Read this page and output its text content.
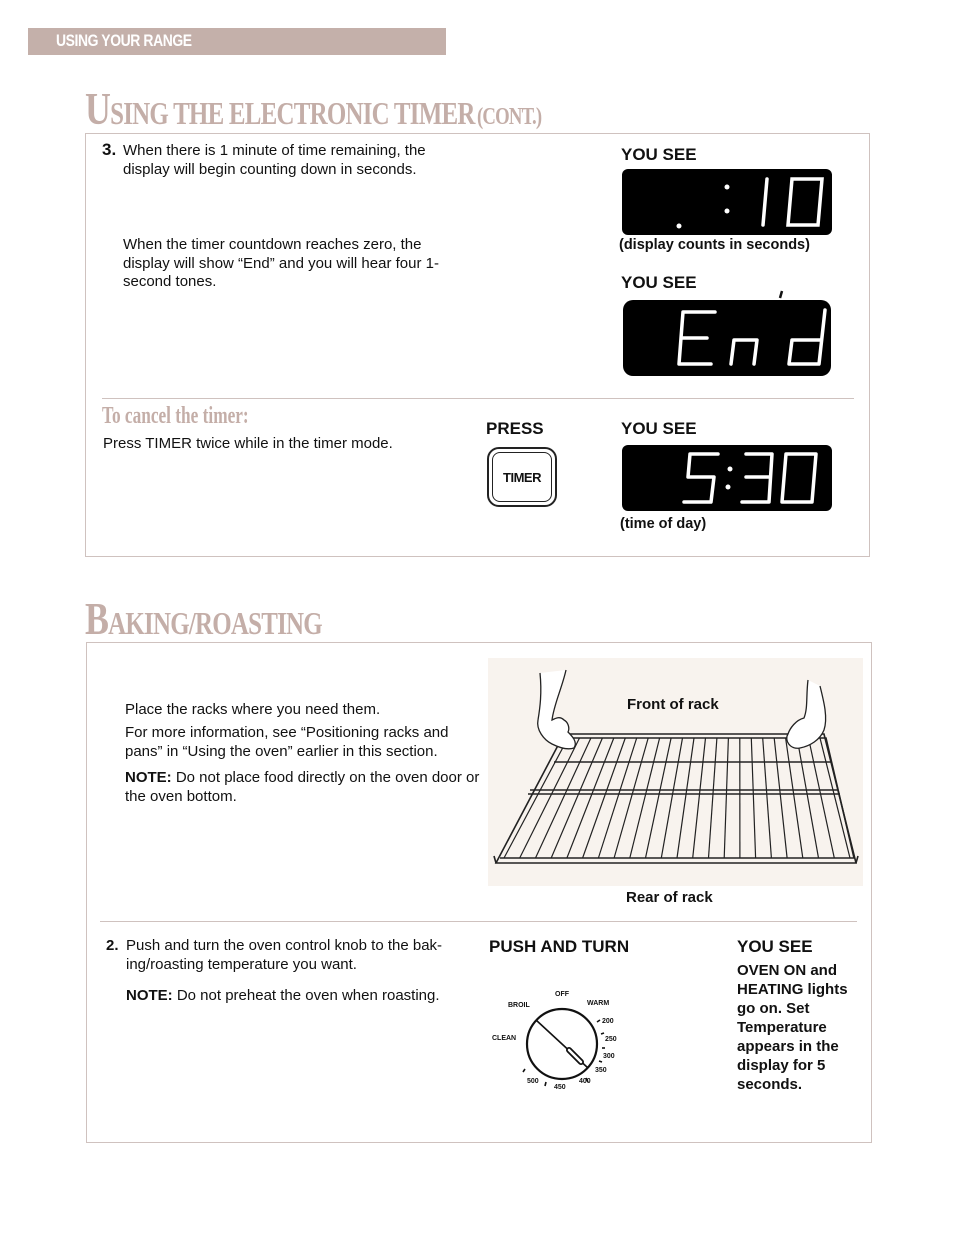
USING YOUR RANGE
USING THE ELECTRONIC TIMER (CONT.)
3. When there is 1 minute of time remaining, the display will begin counting down in seconds.
When the timer countdown reaches zero, the display will show “End” and you will hear four 1-second tones.
YOU SEE
(display counts in seconds)
YOU SEE
To cancel the timer:
Press TIMER twice while in the timer mode.
PRESS
TIMER
YOU SEE
(time of day)
BAKING/ROASTING
Place the racks where you need them.
For more information, see “Positioning racks and pans” in “Using the oven” earlier in this section.
NOTE: Do not place food directly on the oven door or the oven bottom.
Front of rack
Rear of rack
2. Push and turn the oven control knob to the bak-ing/roasting temperature you want.
NOTE: Do not preheat the oven when roasting.
PUSH AND TURN
OFF
BROIL	WARM
CLEAN
200
250
300
350
400
450
500
YOU SEE
OVEN ON and HEATING lights go on. Set Temperature appears in the display for 5 seconds.
